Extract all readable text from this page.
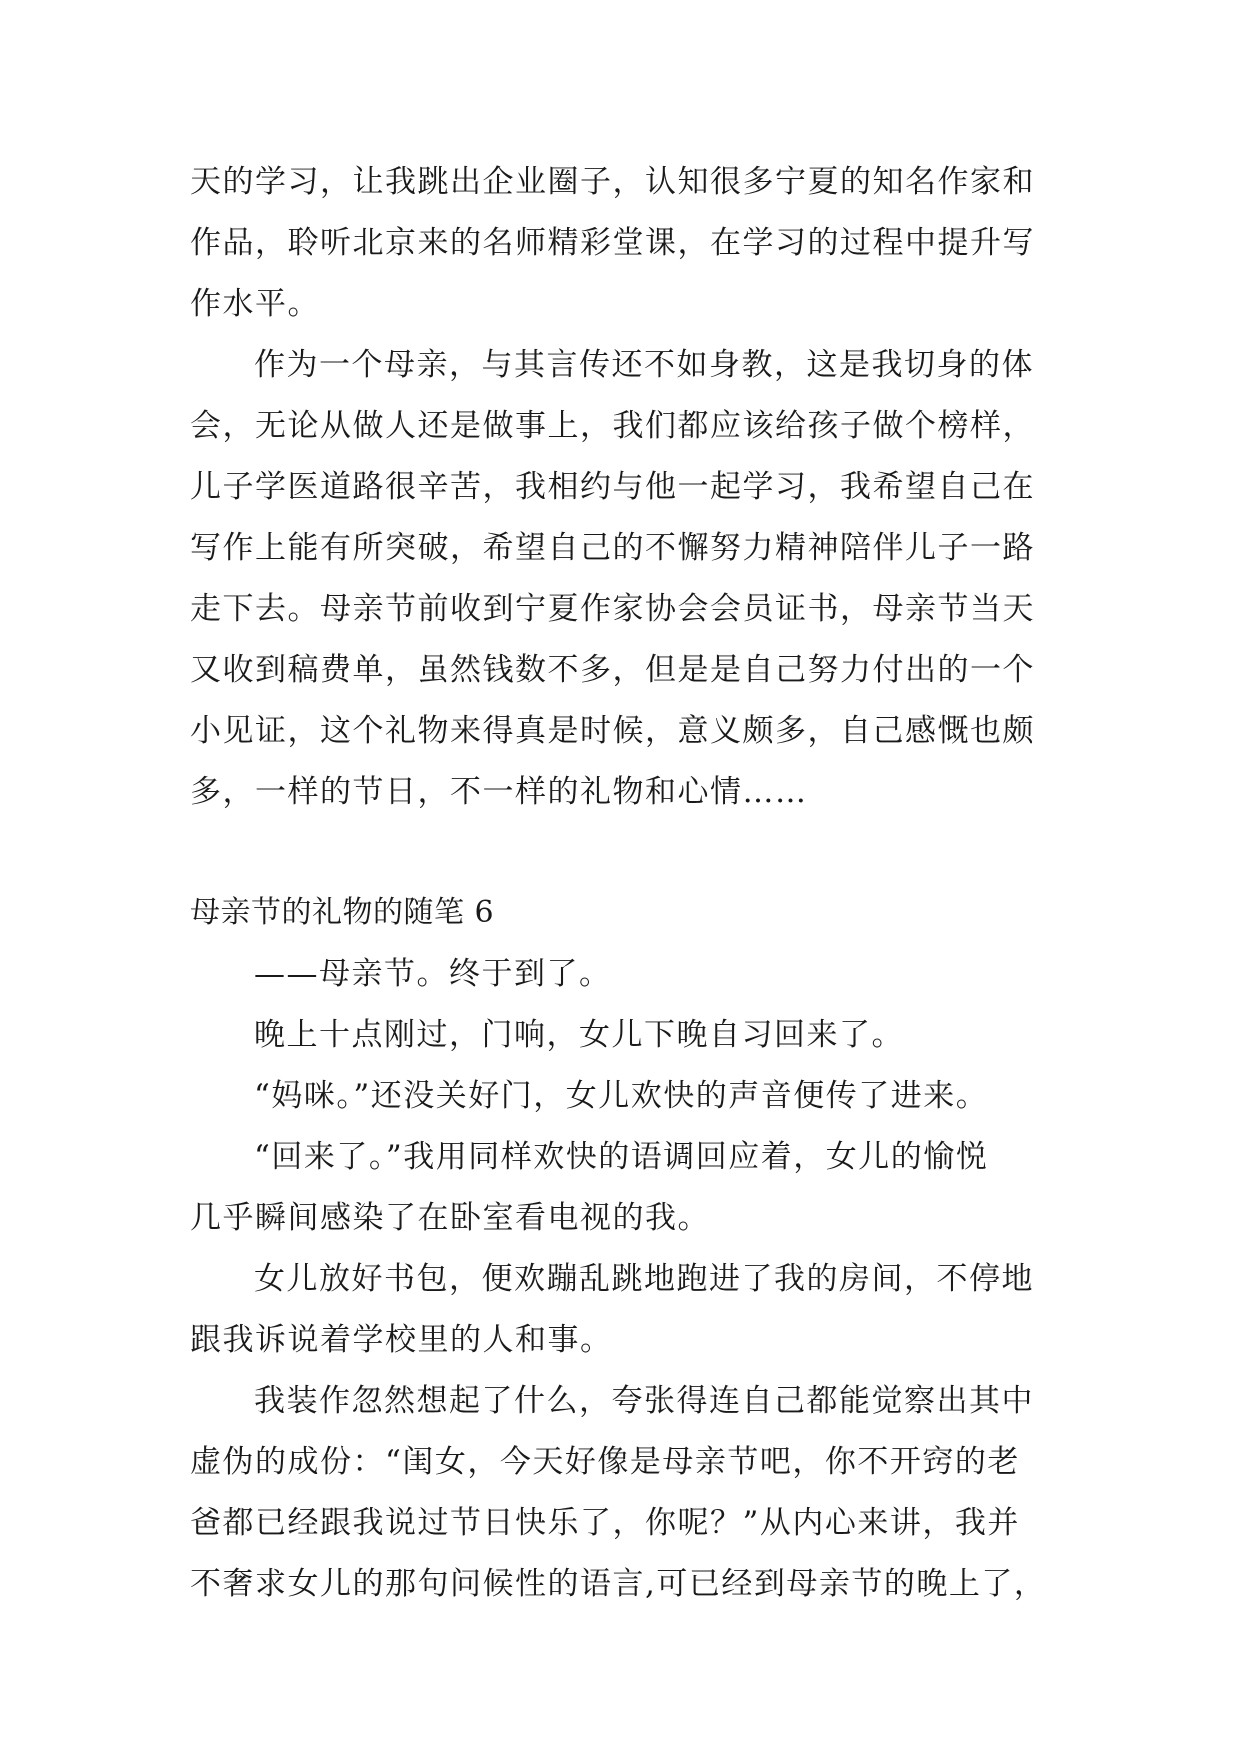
天的学习，让我跳出企业圈子，认知很多宁夏的知名作家和
作品，聆听北京来的名师精彩堂课，在学习的过程中提升写
作水平。
作为一个母亲，与其言传还不如身教，这是我切身的体
会，无论从做人还是做事上，我们都应该给孩子做个榜样，
儿子学医道路很辛苦，我相约与他一起学习，我希望自己在
写作上能有所突破，希望自己的不懈努力精神陪伴儿子一路
走下去。母亲节前收到宁夏作家协会会员证书，母亲节当天
又收到稿费单，虽然钱数不多，但是是自己努力付出的一个
小见证，这个礼物来得真是时候，意义颇多，自己感慨也颇
多，一样的节日，不一样的礼物和心情……
母亲节的礼物的随笔 6
——母亲节。终于到了。
晚上十点刚过，门响，女儿下晚自习回来了。
“妈咪。”还没关好门，女儿欢快的声音便传了进来。
“回来了。”我用同样欢快的语调回应着，女儿的愉悦
几乎瞬间感染了在卧室看电视的我。
女儿放好书包，便欢蹦乱跳地跑进了我的房间，不停地
跟我诉说着学校里的人和事。
我装作忽然想起了什么，夸张得连自己都能觉察出其中
虚伪的成份：“闺女，今天好像是母亲节吧，你不开窍的老
爸都已经跟我说过节日快乐了，你呢？”从内心来讲，我并
不奢求女儿的那句问候性的语言,可已经到母亲节的晚上了，
